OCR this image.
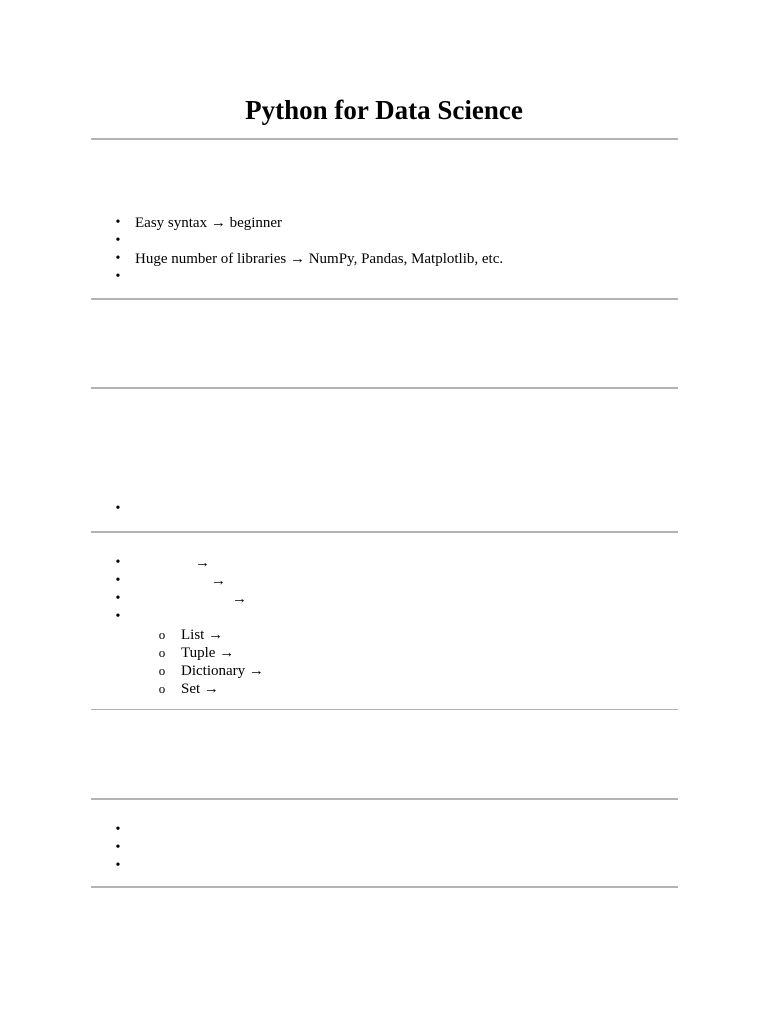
Python for Data Science
• Easy syntax → beginner
•
• Huge number of libraries → NumPy, Pandas, Matplotlib, etc.
•
•
•	→
•	→
•	→
•
o List →
o Tuple →
o Dictionary →
o Set →
•
•
•
